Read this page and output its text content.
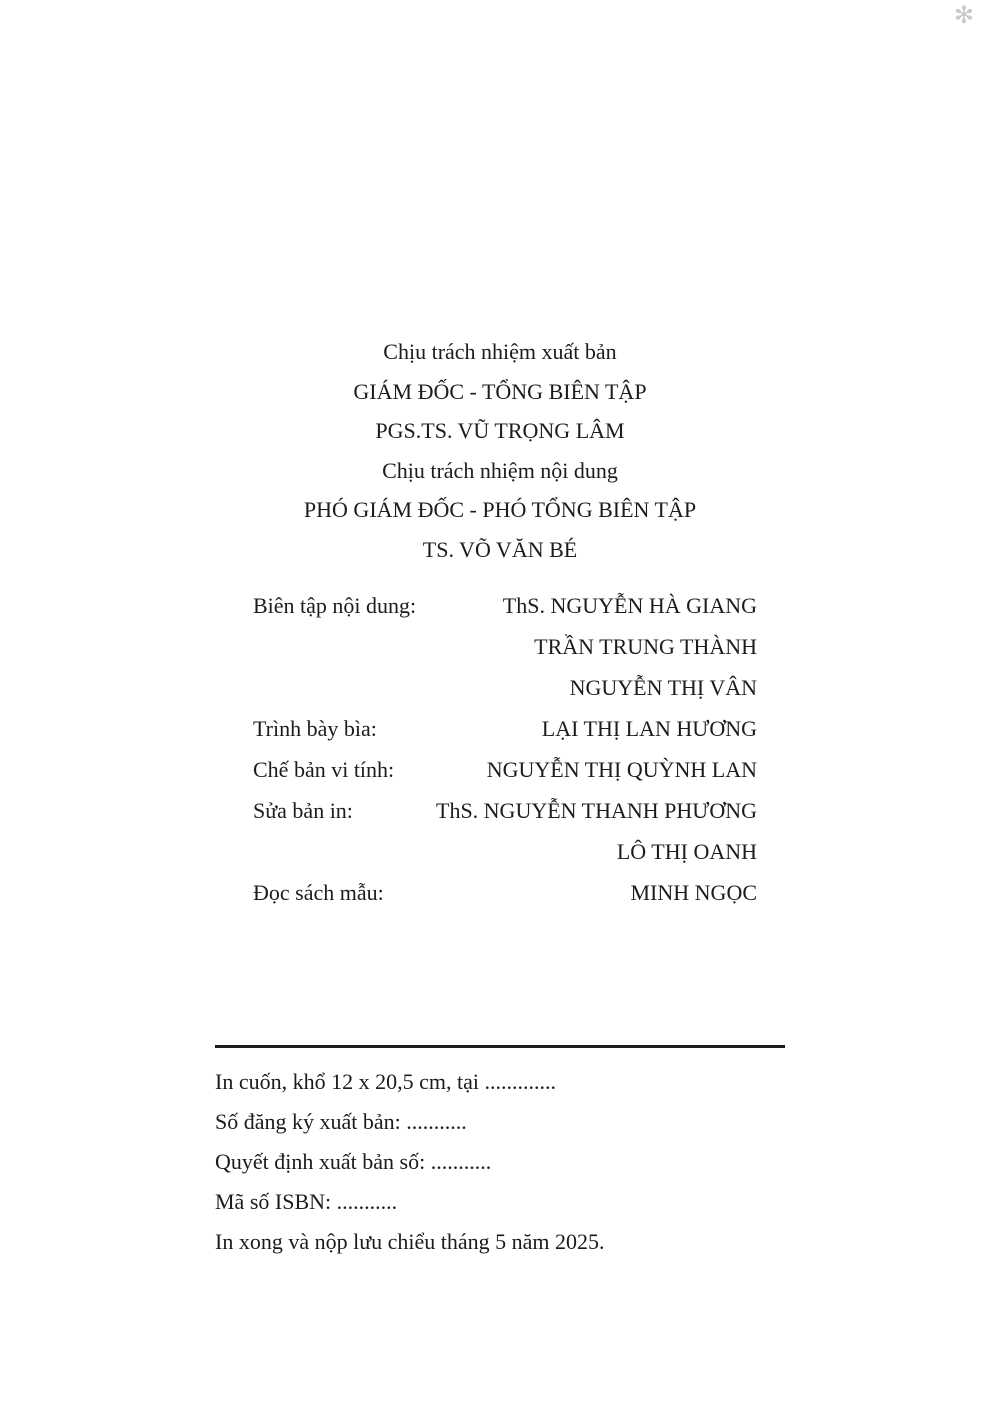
✻

Chịu trách nhiệm xuất bản

GIÁM ĐỐC - TỔNG BIÊN TẬP

PGS.TS. VŨ TRỌNG LÂM

Chịu trách nhiệm nội dung

PHÓ GIÁM ĐỐC - PHÓ TỔNG BIÊN TẬP

TS. VÕ VĂN BÉ

Biên tập nội dung:	ThS. NGUYỄN HÀ GIANG
TRẦN TRUNG THÀNH
NGUYỄN THỊ VÂN
Trình bày bìa:	LẠI THỊ LAN HƯƠNG
Chế bản vi tính:	NGUYỄN THỊ QUỲNH LAN
Sửa bản in:	ThS. NGUYỄN THANH PHƯƠNG
LÔ THỊ OANH
Đọc sách mẫu:	MINH NGỌC

In cuốn, khổ 12 x 20,5 cm, tại .............

Số đăng ký xuất bản: ...........

Quyết định xuất bản số: ...........

Mã số ISBN: ...........

In xong và nộp lưu chiểu tháng 5 năm 2025.
